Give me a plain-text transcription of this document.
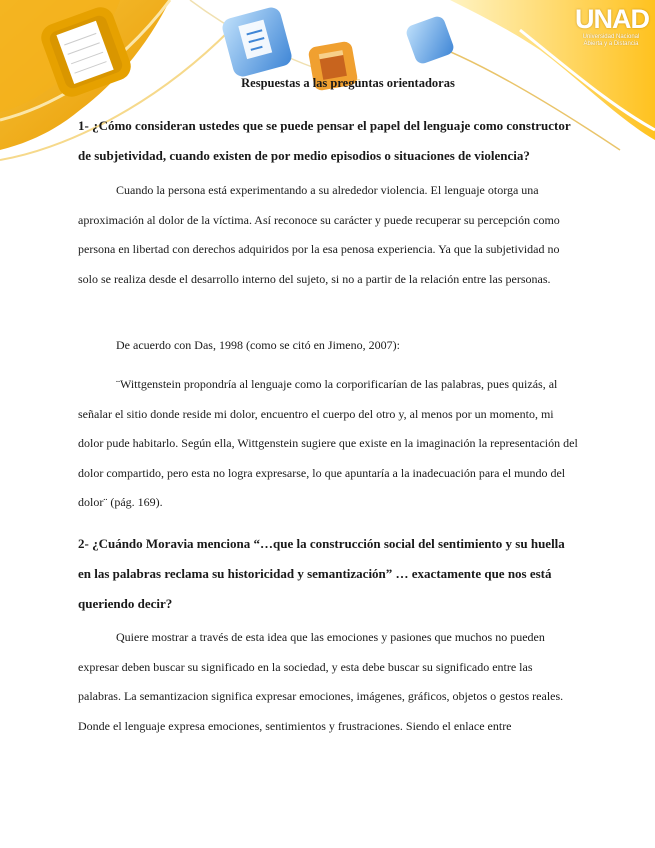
UNAD
Universidad Nacional
Abierta y a Distancia
Respuestas a las preguntas orientadoras
1- ¿Cómo consideran ustedes que se puede pensar el papel del lenguaje como constructor de subjetividad, cuando existen de por medio episodios o situaciones de violencia?
Cuando la persona está experimentando a su alrededor violencia. El lenguaje otorga una aproximación al dolor de la víctima. Así reconoce su carácter y puede recuperar su percepción como persona en libertad con derechos adquiridos por la esa penosa experiencia. Ya que la subjetividad no solo se realiza desde el desarrollo interno del sujeto, si no a partir de la relación entre las personas.
De acuerdo con Das, 1998 (como se citó en Jimeno, 2007):
¨Wittgenstein propondría al lenguaje como la corporificarían de las palabras, pues quizás, al señalar el sitio donde reside mi dolor, encuentro el cuerpo del otro y, al menos por un momento, mi dolor pude habitarlo. Según ella, Wittgenstein sugiere que existe en la imaginación la representación del dolor compartido, pero esta no logra expresarse, lo que apuntaría a la inadecuación para el mundo del dolor¨ (pág. 169).
2- ¿Cuándo Moravia menciona “…que la construcción social del sentimiento y su huella en las palabras reclama su historicidad y semantización” … exactamente que nos está queriendo decir?
Quiere mostrar a través de esta idea que las emociones y pasiones que muchos no pueden expresar deben buscar su significado en la sociedad, y esta debe buscar su significado entre las palabras. La semantizacion significa expresar emociones, imágenes, gráficos, objetos o gestos reales. Donde el lenguaje expresa emociones, sentimientos y frustraciones. Siendo el enlace entre
